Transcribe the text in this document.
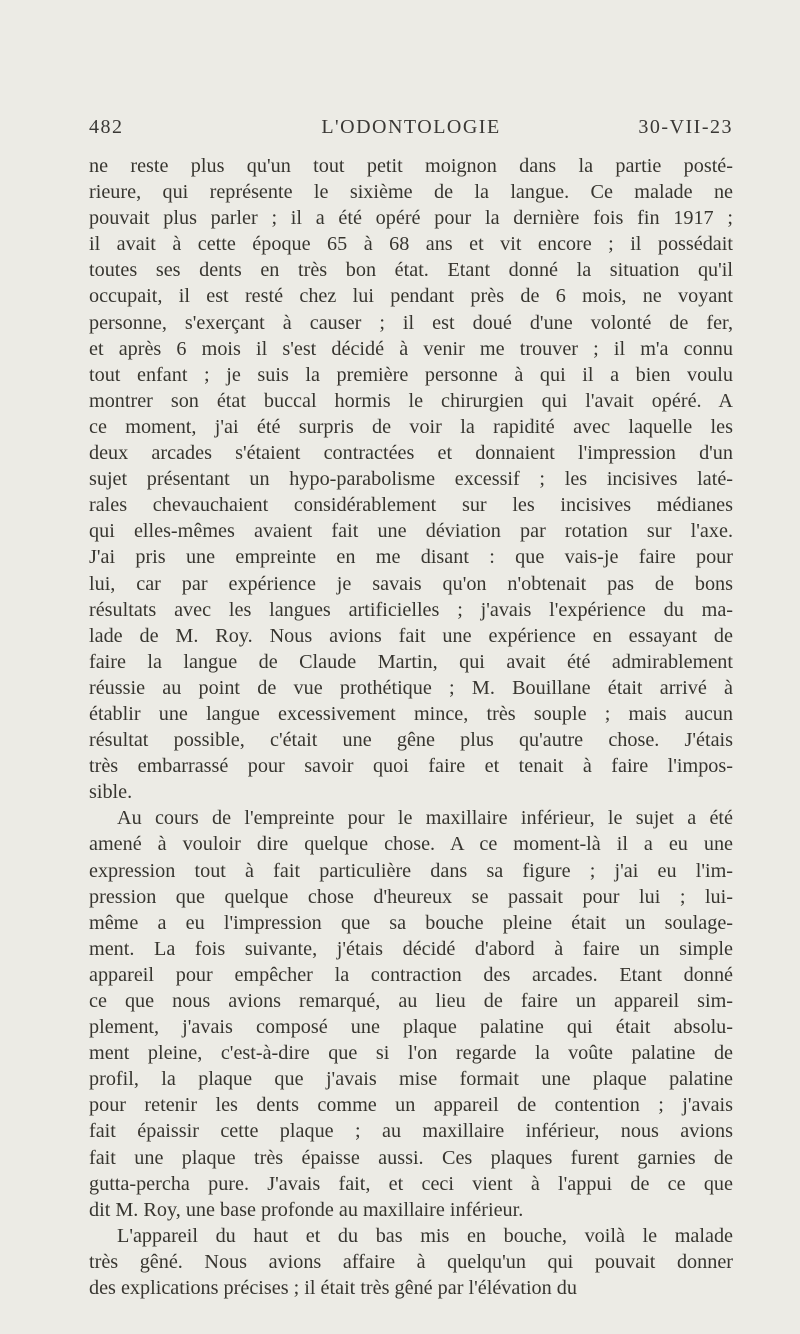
482	L'ODONTOLOGIE	30-VII-23
ne reste plus qu'un tout petit moignon dans la partie posté-
rieure, qui représente le sixième de la langue. Ce malade ne
pouvait plus parler ; il a été opéré pour la dernière fois fin 1917 ;
il avait à cette époque 65 à 68 ans et vit encore ; il possédait
toutes ses dents en très bon état. Etant donné la situation qu'il
occupait, il est resté chez lui pendant près de 6 mois, ne voyant
personne, s'exerçant à causer ; il est doué d'une volonté de fer,
et après 6 mois il s'est décidé à venir me trouver ; il m'a connu
tout enfant ; je suis la première personne à qui il a bien voulu
montrer son état buccal hormis le chirurgien qui l'avait opéré. A
ce moment, j'ai été surpris de voir la rapidité avec laquelle les
deux arcades s'étaient contractées et donnaient l'impression d'un
sujet présentant un hypo-parabolisme excessif ; les incisives laté-
rales chevauchaient considérablement sur les incisives médianes
qui elles-mêmes avaient fait une déviation par rotation sur l'axe.
J'ai pris une empreinte en me disant : que vais-je faire pour
lui, car par expérience je savais qu'on n'obtenait pas de bons
résultats avec les langues artificielles ; j'avais l'expérience du ma-
lade de M. Roy. Nous avions fait une expérience en essayant de
faire la langue de Claude Martin, qui avait été admirablement
réussie au point de vue prothétique ; M. Bouillane était arrivé à
établir une langue excessivement mince, très souple ; mais aucun
résultat possible, c'était une gêne plus qu'autre chose. J'étais
très embarrassé pour savoir quoi faire et tenait à faire l'impos-
sible.
Au cours de l'empreinte pour le maxillaire inférieur, le sujet a été
amené à vouloir dire quelque chose. A ce moment-là il a eu une
expression tout à fait particulière dans sa figure ; j'ai eu l'im-
pression que quelque chose d'heureux se passait pour lui ; lui-
même a eu l'impression que sa bouche pleine était un soulage-
ment. La fois suivante, j'étais décidé d'abord à faire un simple
appareil pour empêcher la contraction des arcades. Etant donné
ce que nous avions remarqué, au lieu de faire un appareil sim-
plement, j'avais composé une plaque palatine qui était absolu-
ment pleine, c'est-à-dire que si l'on regarde la voûte palatine de
profil, la plaque que j'avais mise formait une plaque palatine
pour retenir les dents comme un appareil de contention ; j'avais
fait épaissir cette plaque ; au maxillaire inférieur, nous avions
fait une plaque très épaisse aussi. Ces plaques furent garnies de
gutta-percha pure. J'avais fait, et ceci vient à l'appui de ce que
dit M. Roy, une base profonde au maxillaire inférieur.
L'appareil du haut et du bas mis en bouche, voilà le malade
très gêné. Nous avions affaire à quelqu'un qui pouvait donner
des explications précises ; il était très gêné par l'élévation du
